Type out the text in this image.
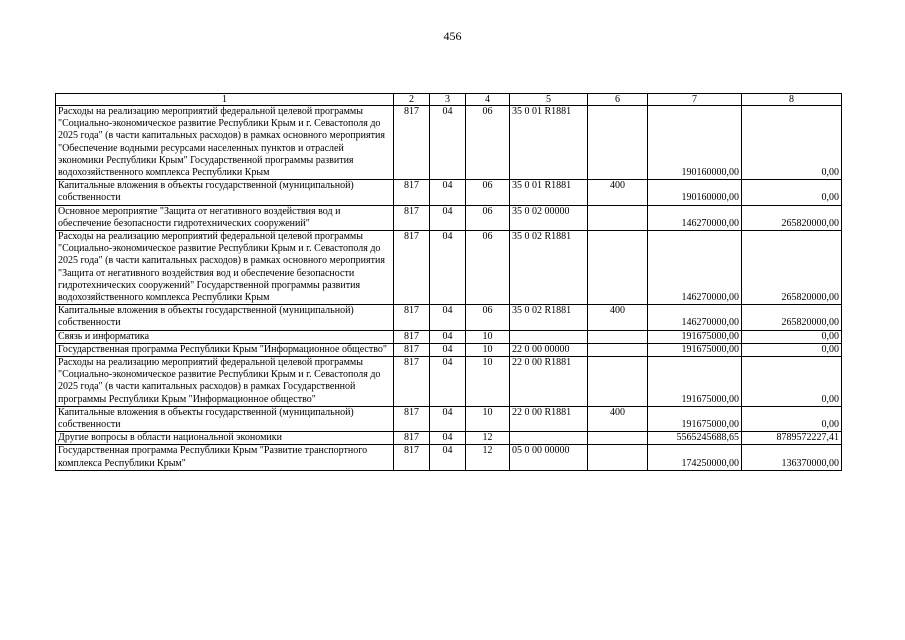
456
1	2	3	4	5	6	7	8
Расходы на реализацию мероприятий федеральной целевой программы "Социально-экономическое развитие Республики Крым и г. Севастополя до 2025 года" (в части капитальных расходов) в рамках основного мероприятия "Обеспечение водными ресурсами населенных пунктов и отраслей экономики Республики Крым" Государственной программы развития водохозяйственного комплекса Республики Крым	817	04	06	35 0 01 R1881		190160000,00	0,00
Капитальные вложения в объекты государственной (муниципальной) собственности	817	04	06	35 0 01 R1881	400	190160000,00	0,00
Основное мероприятие "Защита от негативного воздействия вод и обеспечение безопасности гидротехнических сооружений"	817	04	06	35 0 02 00000		146270000,00	265820000,00
Расходы на реализацию мероприятий федеральной целевой программы "Социально-экономическое развитие Республики Крым и г. Севастополя до 2025 года" (в части капитальных расходов) в рамках основного мероприятия "Защита от негативного воздействия вод и обеспечение безопасности гидротехнических сооружений" Государственной программы развития водохозяйственного комплекса Республики Крым	817	04	06	35 0 02 R1881		146270000,00	265820000,00
Капитальные вложения в объекты государственной (муниципальной) собственности	817	04	06	35 0 02 R1881	400	146270000,00	265820000,00
Связь и информатика	817	04	10			191675000,00	0,00
Государственная программа Республики Крым "Информационное общество"	817	04	10	22 0 00 00000		191675000,00	0,00
Расходы на реализацию мероприятий федеральной целевой программы "Социально-экономическое развитие Республики Крым и г. Севастополя до 2025 года" (в части капитальных расходов) в рамках Государственной программы Республики Крым "Информационное общество"	817	04	10	22 0 00 R1881		191675000,00	0,00
Капитальные вложения в объекты государственной (муниципальной) собственности	817	04	10	22 0 00 R1881	400	191675000,00	0,00
Другие вопросы в области национальной экономики	817	04	12			5565245688,65	8789572227,41
Государственная программа Республики Крым "Развитие транспортного комплекса Республики Крым"	817	04	12	05 0 00 00000		174250000,00	136370000,00
